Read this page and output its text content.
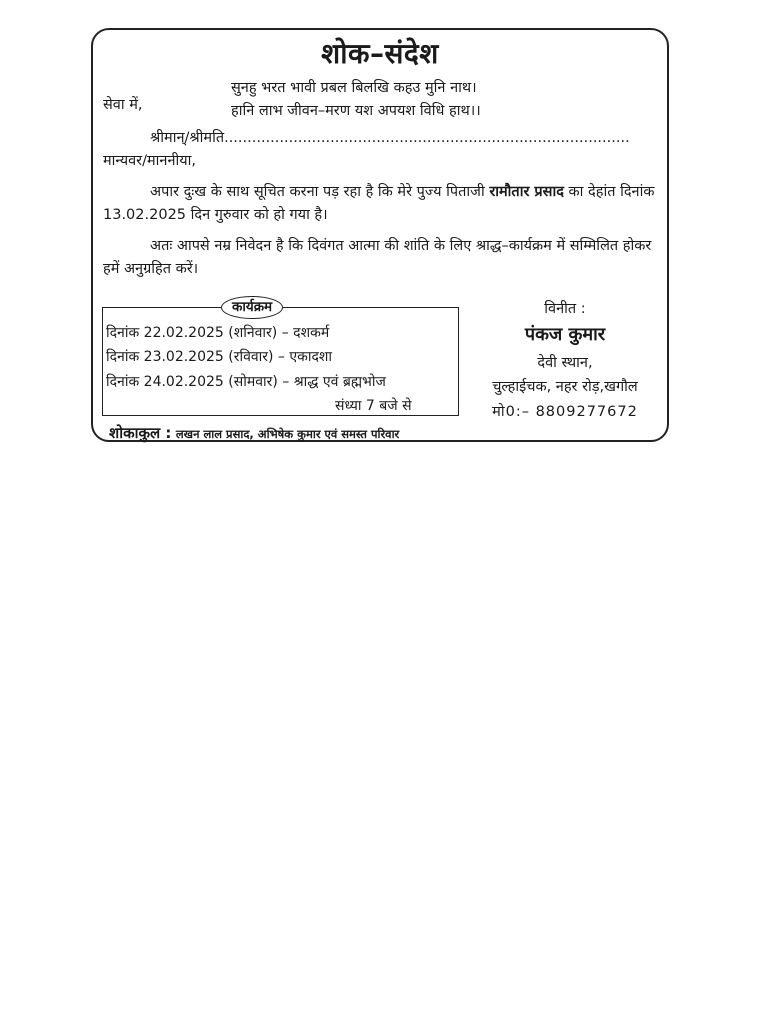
शोक–संदेश
सुनहु भरत भावी प्रबल बिलखि कहउ मुनि नाथ।
हानि लाभ जीवन–मरण यश अपयश विधि हाथ।।
सेवा में,
श्रीमान्/श्रीमति........................................................................................
मान्यवर/माननीया,
अपार दुःख के साथ सूचित करना पड़ रहा है कि मेरे पुज्य पिताजी रामौतार प्रसाद का देहांत दिनांक 13.02.2025 दिन गुरुवार को हो गया है।
अतः आपसे नम्र निवेदन है कि दिवंगत आत्मा की शांति के लिए श्राद्ध–कार्यक्रम में सम्मिलित होकर हमें अनुग्रहित करें।
कार्यक्रम
दिनांक 22.02.2025 (शनिवार) – दशकर्म
दिनांक 23.02.2025 (रविवार) – एकादशा
दिनांक 24.02.2025 (सोमवार) – श्राद्ध एवं ब्रह्मभोज
संध्या 7 बजे से
विनीत :
पंकज कुमार
देवी स्थान,
चुल्हाईचक, नहर रोड़,खगौल
मो0:– 8809277672
शोकाकुल : लखन लाल प्रसाद, अभिषेक कुमार एवं समस्त परिवार
